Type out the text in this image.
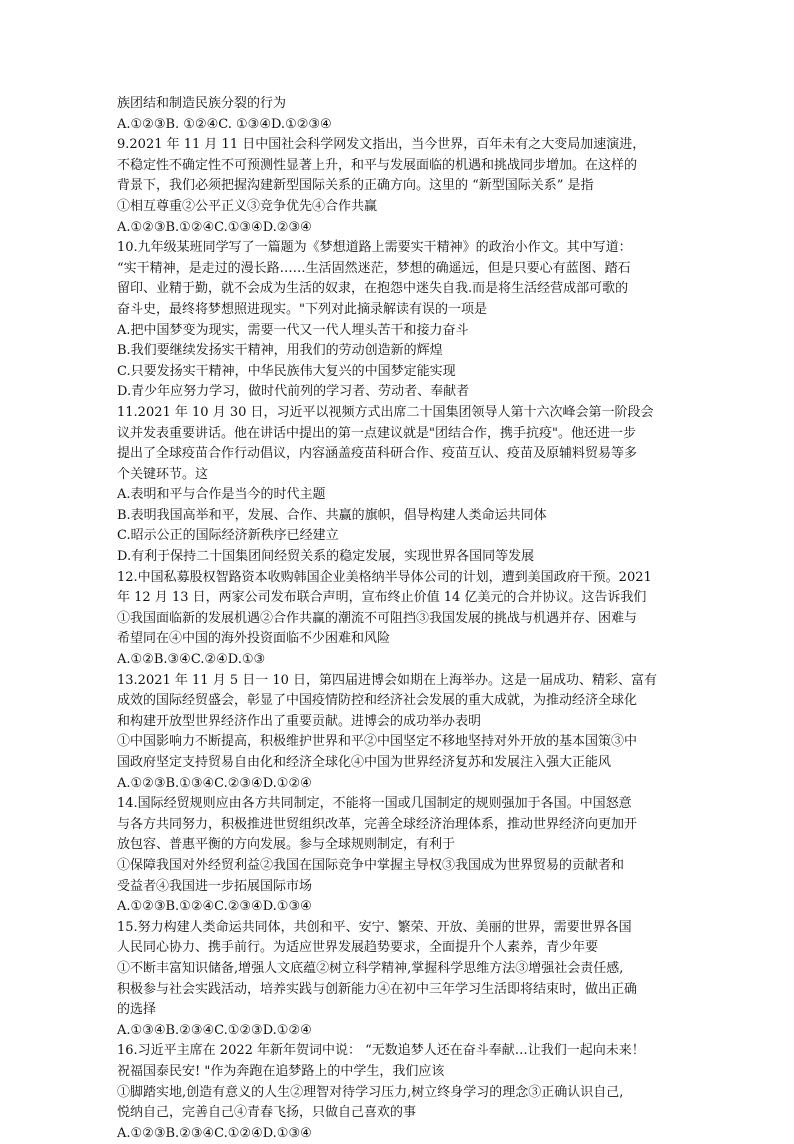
族团结和制造民族分裂的行为
A.①②③B. ①②④C. ①③④D.①②③④
9.2021 年 11 月 11 日中国社会科学网发文指出，当今世界，百年未有之大变局加速演进，
不稳定性不确定性不可预测性显著上升，和平与发展面临的机遇和挑战同步增加。在这样的
背景下，我们必须把握沟建新型国际关系的正确方向。这里的 “新型国际关系” 是指
①相互尊重②公平正义③竞争优先④合作共赢
A.①②③B.①②④C.①③④D.②③④
10.九年级某班同学写了一篇题为《梦想道路上需要实干精神》的政治小作文。其中写道：
“实干精神，是走过的漫长路……生活固然迷茫，梦想的确遥远，但是只要心有蓝图、踏石
留印、业精于勤，就不会成为生活的奴隶，在抱怨中迷失自我.而是将生活经营成部可歌的
奋斗史，最终将梦想照进现实。"下列对此摘录解读有误的一项是
A.把中国梦变为现实，需要一代又一代人埋头苦干和接力奋斗
B.我们要继续发扬实干精神，用我们的劳动创造新的辉煌
C.只要发扬实干精神，中华民族伟大复兴的中国梦定能实现
D.青少年应努力学习，做时代前列的学习者、劳动者、奉献者
11.2021 年 10 月 30 日，习近平以视频方式出席二十国集团领导人第十六次峰会第一阶段会
议并发表重要讲话。他在讲话中提出的第一点建议就是"团结合作，携手抗疫"。他还进一步
提出了全球疫苗合作行动倡议，内容涵盖疫苗科研合作、疫苗互认、疫苗及原辅料贸易等多
个关键环节。这
A.表明和平与合作是当今的时代主题
B.表明我国高举和平，发展、合作、共赢的旗帜，倡导构建人类命运共同体
C.昭示公正的国际经济新秩序已经建立
D.有利于保持二十国集团间经贸关系的稳定发展，实现世界各国同等发展
12.中国私募股权智路资本收购韩国企业美格纳半导体公司的计划，遭到美国政府干预。2021
年 12 月 13 日，两家公司发布联合声明，宣布终止价值 14 亿美元的合并协议。这告诉我们
①我国面临新的发展机遇②合作共赢的潮流不可阻挡③我国发展的挑战与机遇并存、困难与
希望同在④中国的海外投资面临不少困难和风险
A.①②B.③④C.②④D.①③
13.2021 年 11 月 5 日一 10 日，第四届进博会如期在上海举办。这是一届成功、精彩、富有
成效的国际经贸盛会，彰显了中国疫情防控和经济社会发展的重大成就，为推动经济全球化
和构建开放型世界经济作出了重要贡献。进博会的成功举办表明
①中国影响力不断提高，积极维护世界和平②中国坚定不移地坚持对外开放的基本国策③中
国政府坚定支持贸易自由化和经济全球化④中国为世界经济复苏和发展注入强大正能风
A.①②③B.①③④C.②③④D.①②④
14.国际经贸规则应由各方共同制定，不能将一国或几国制定的规则强加于各国。中国怒意
与各方共同努力，积极推进世贸组织改革，完善全球经济治理体系，推动世界经济向更加开
放包容、普惠平衡的方向发展。参与全球规则制定，有利于
①保障我国对外经贸利益②我国在国际竞争中掌握主导权③我国成为世界贸易的贡献者和
受益者④我国进一步拓展国际市场
A.①②③B.①②④C.②③④D.①③④
15.努力构建人类命运共同体，共创和平、安宁、繁荣、开放、美丽的世界，需要世界各国
人民同心协力、携手前行。为适应世界发展趋势要求，全面提升个人素养，青少年要
①不断丰富知识储备,增强人文底蕴②树立科学精神,掌握科学思维方法③增强社会责任感,
积极参与社会实践活动，培养实践与创新能力④在初中三年学习生活即将结束时，做出正确
的选择
A.①③④B.②③④C.①②③D.①②④
16.习近平主席在 2022 年新年贺词中说： “无数追梦人还在奋斗奉献…让我们一起向未来！
祝福国泰民安! "作为奔跑在追梦路上的中学生，我们应该
①脚踏实地,创造有意义的人生②理智对待学习压力,树立终身学习的理念③正确认识自己,
悦纳自己，完善自己④青春飞扬，只做自己喜欢的事
A.①②③B.②③④C.①②④D.①③④
